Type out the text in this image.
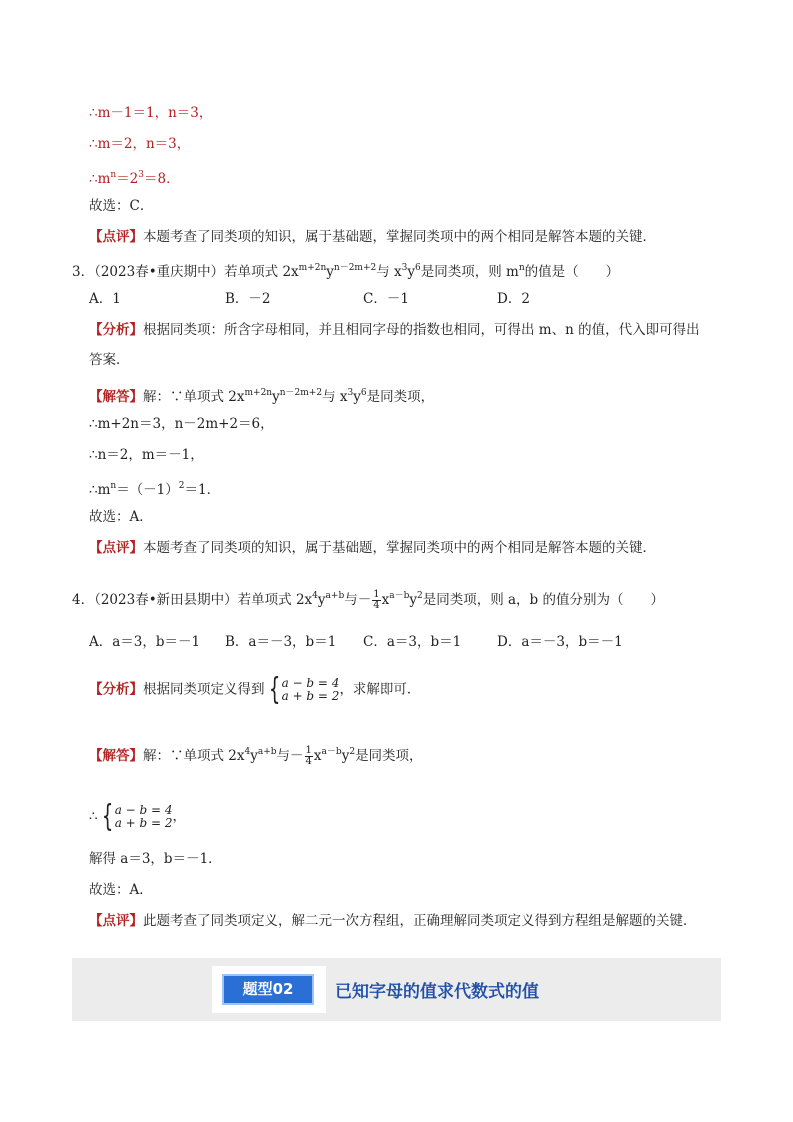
∴m－1＝1，n＝3，
∴m＝2，n＝3，
$\therefore m^n=2^3=8$．
故选：C．
【点评】本题考查了同类项的知识，属于基础题，掌握同类项中的两个相同是解答本题的关键．
3．（2023春•重庆期中）若单项式 $2x^{m+2n}y^{n-2m+2}$与 $x^3y^6$是同类项，则 $m^n$的值是（　　）
A．1	B．－2	C．－1	D．2
【分析】根据同类项：所含字母相同，并且相同字母的指数也相同，可得出 m、n 的值，代入即可得出
答案．
【解答】解：∵单项式 $2x^{m+2n}y^{n-2m+2}$与 $x^3y^6$是同类项，
∴m+2n＝3，n－2m+2＝6，
∴n＝2，m＝－1，
$\therefore m^n=(-1)^2=1$．
故选：A．
【点评】本题考查了同类项的知识，属于基础题，掌握同类项中的两个相同是解答本题的关键．
4．（2023春•新田县期中）若单项式 $2x^4y^{a+b}$与－ $\frac{1}{4} x^{a-b}y^2$是同类项，则 a，b 的值分别为（　　）
A．a＝3，b＝－1 B．a＝－3，b＝1 C．a＝3，b＝1	D．a＝－3，b＝－1
【分析】根据同类项定义得到 { a − b = 4
a + b = 2 ，求解即可．
【解答】解：∵单项式 $2x^4y^{a+b}$与－ $\frac{1}{4} x^{a-b}y^2$是同类项，
∴ { a − b = 4
a + b = 2 ，
解得 a＝3，b＝－1．
故选：A．
【点评】此题考查了同类项定义，解二元一次方程组，正确理解同类项定义得到方程组是解题的关键．
题型02	已知字母的值求代数式的值
